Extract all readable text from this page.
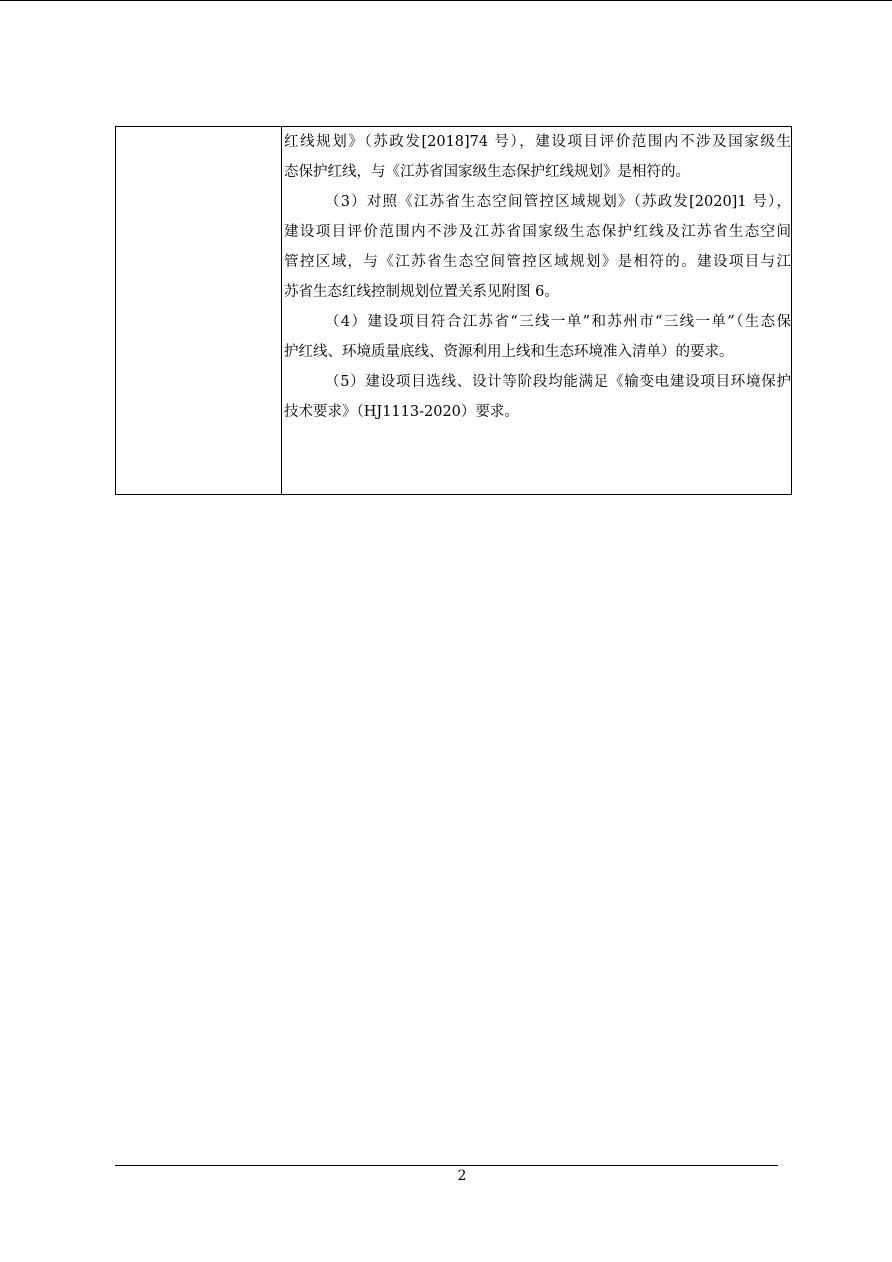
红线规划》（苏政发[2018]74 号），建设项目评价范围内不涉及国家级生
态保护红线，与《江苏省国家级生态保护红线规划》是相符的。
（3）对照《江苏省生态空间管控区域规划》（苏政发[2020]1 号），
建设项目评价范围内不涉及江苏省国家级生态保护红线及江苏省生态空间
管控区域，与《江苏省生态空间管控区域规划》是相符的。建设项目与江
苏省生态红线控制规划位置关系见附图 6。
（4）建设项目符合江苏省“三线一单”和苏州市“三线一单”（生态保
护红线、环境质量底线、资源利用上线和生态环境准入清单）的要求。
（5）建设项目选线、设计等阶段均能满足《输变电建设项目环境保护
技术要求》（HJ1113-2020）要求。
2
